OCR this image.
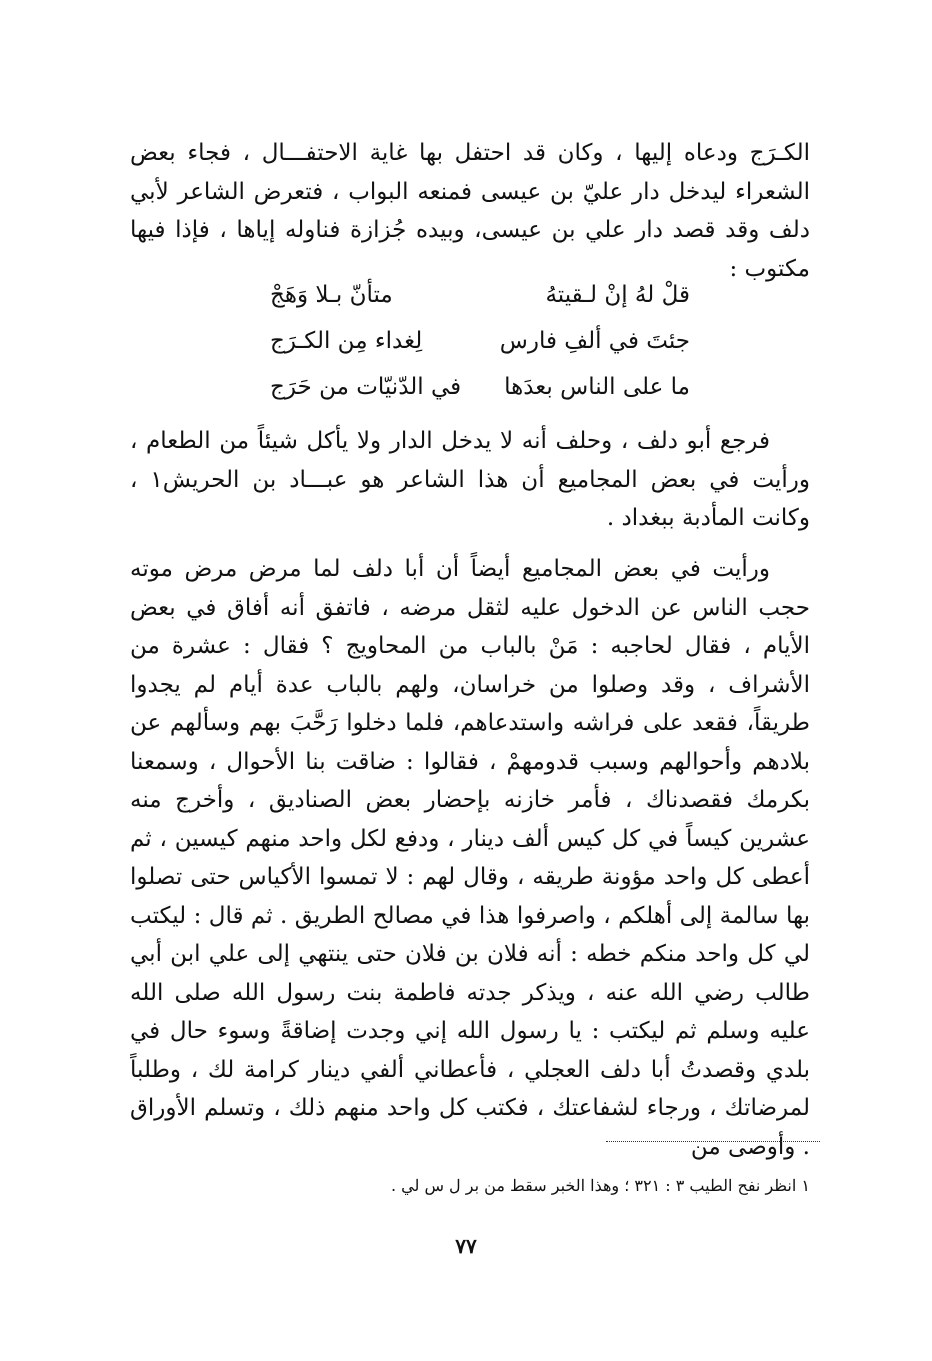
الكـرَج ودعاه إليها ، وكان قد احتفل بها غاية الاحتفـــال ، فجاء بعض الشعراء ليدخل دار عليّ بن عيسى فمنعه البواب ، فتعرض الشاعر لأبي دلف وقد قصد دار علي بن عيسى، وبيده جُزازة فناوله إياها ، فإذا فيها مكتوب :
قلْ لهُ إنْ لـقيتهُ
متأنّ بـلا وَهَجْ
جئتَ في ألفِ فارس
لِغداء مِن الكـرَج
ما على الناس بعدَها
في الدّنيّات من حَرَج
فرجع أبو دلف ، وحلف أنه لا يدخل الدار ولا يأكل شيئاً من الطعام ، ورأيت في بعض المجاميع أن هذا الشاعر هو عبـــاد بن الحريش١ ، وكانت المأدبة ببغداد .
ورأيت في بعض المجاميع أيضاً أن أبا دلف لما مرض مرض موته حجب الناس عن الدخول عليه لثقل مرضه ، فاتفق أنه أفاق في بعض الأيام ، فقال لحاجبه : مَنْ بالباب من المحاويج ؟ فقال : عشرة من الأشراف ، وقد وصلوا من خراسان، ولهم بالباب عدة أيام لم يجدوا طريقاً، فقعد على فراشه واستدعاهم، فلما دخلوا رَحَّبَ بهم وسألهم عن بلادهم وأحوالهم وسبب قدومهمْ ، فقالوا : ضاقت بنا الأحوال ، وسمعنا بكرمك فقصدناك ، فأمر خازنه بإحضار بعض الصناديق ، وأخرج منه عشرين كيساً في كل كيس ألف دينار ، ودفع لكل واحد منهم كيسين ، ثم أعطى كل واحد مؤونة طريقه ، وقال لهم : لا تمسوا الأكياس حتى تصلوا بها سالمة إلى أهلكم ، واصرفوا هذا في مصالح الطريق . ثم قال : ليكتب لي كل واحد منكم خطه : أنه فلان بن فلان حتى ينتهي إلى علي ابن أبي طالب رضي الله عنه ، ويذكر جدته فاطمة بنت رسول الله صلى الله عليه وسلم ثم ليكتب : يا رسول الله إني وجدت إضاقةً وسوء حال في بلدي وقصدتُ أبا دلف العجلي ، فأعطاني ألفي دينار كرامة لك ، وطلباً لمرضاتك ، ورجاء لشفاعتك ، فكتب كل واحد منهم ذلك ، وتسلم الأوراق . وأوصى من
١ انظر نفح الطيب ٣ : ٣٢١ ؛ وهذا الخبر سقط من بر ل س لي .
٧٧
